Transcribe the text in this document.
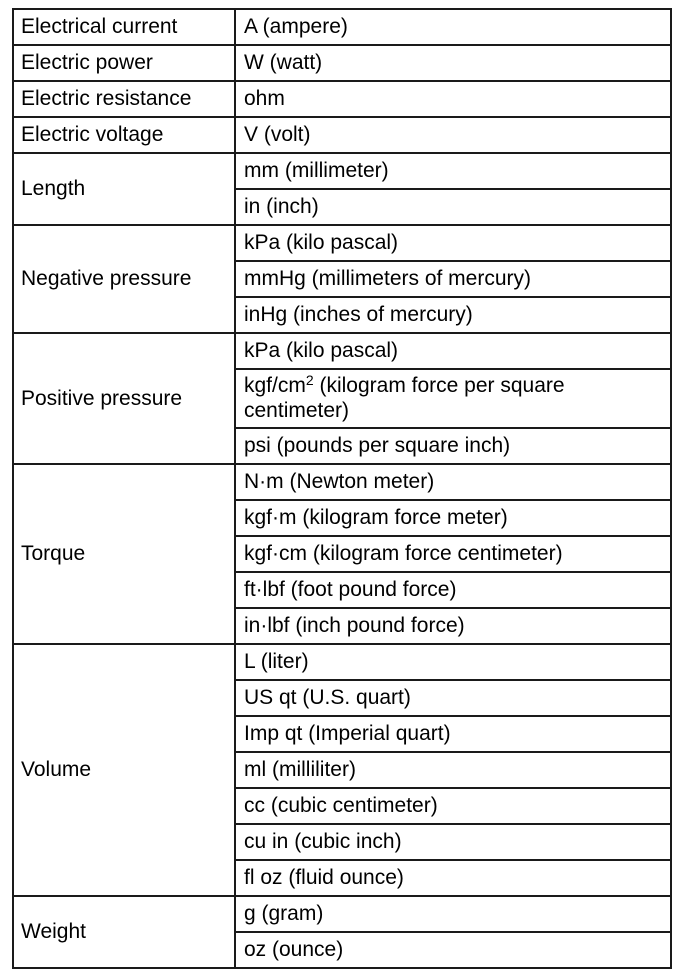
Electrical current	A (ampere)
Electric power	W (watt)
Electric resistance	ohm
Electric voltage	V (volt)
Length	mm (millimeter)
	in (inch)
Negative pressure	kPa (kilo pascal)
	mmHg (millimeters of mercury)
	inHg (inches of mercury)
Positive pressure	kPa (kilo pascal)
	kgf/$cm^2$ (kilogram force per square centimeter)
	psi (pounds per square inch)
Torque	N·m (Newton meter)
	kgf·m (kilogram force meter)
	kgf·cm (kilogram force centimeter)
	ft·lbf (foot pound force)
	in·lbf (inch pound force)
Volume	L (liter)
	US qt (U.S. quart)
	Imp qt (Imperial quart)
	ml (milliliter)
	cc (cubic centimeter)
	cu in (cubic inch)
	fl oz (fluid ounce)
Weight	g (gram)
	oz (ounce)
